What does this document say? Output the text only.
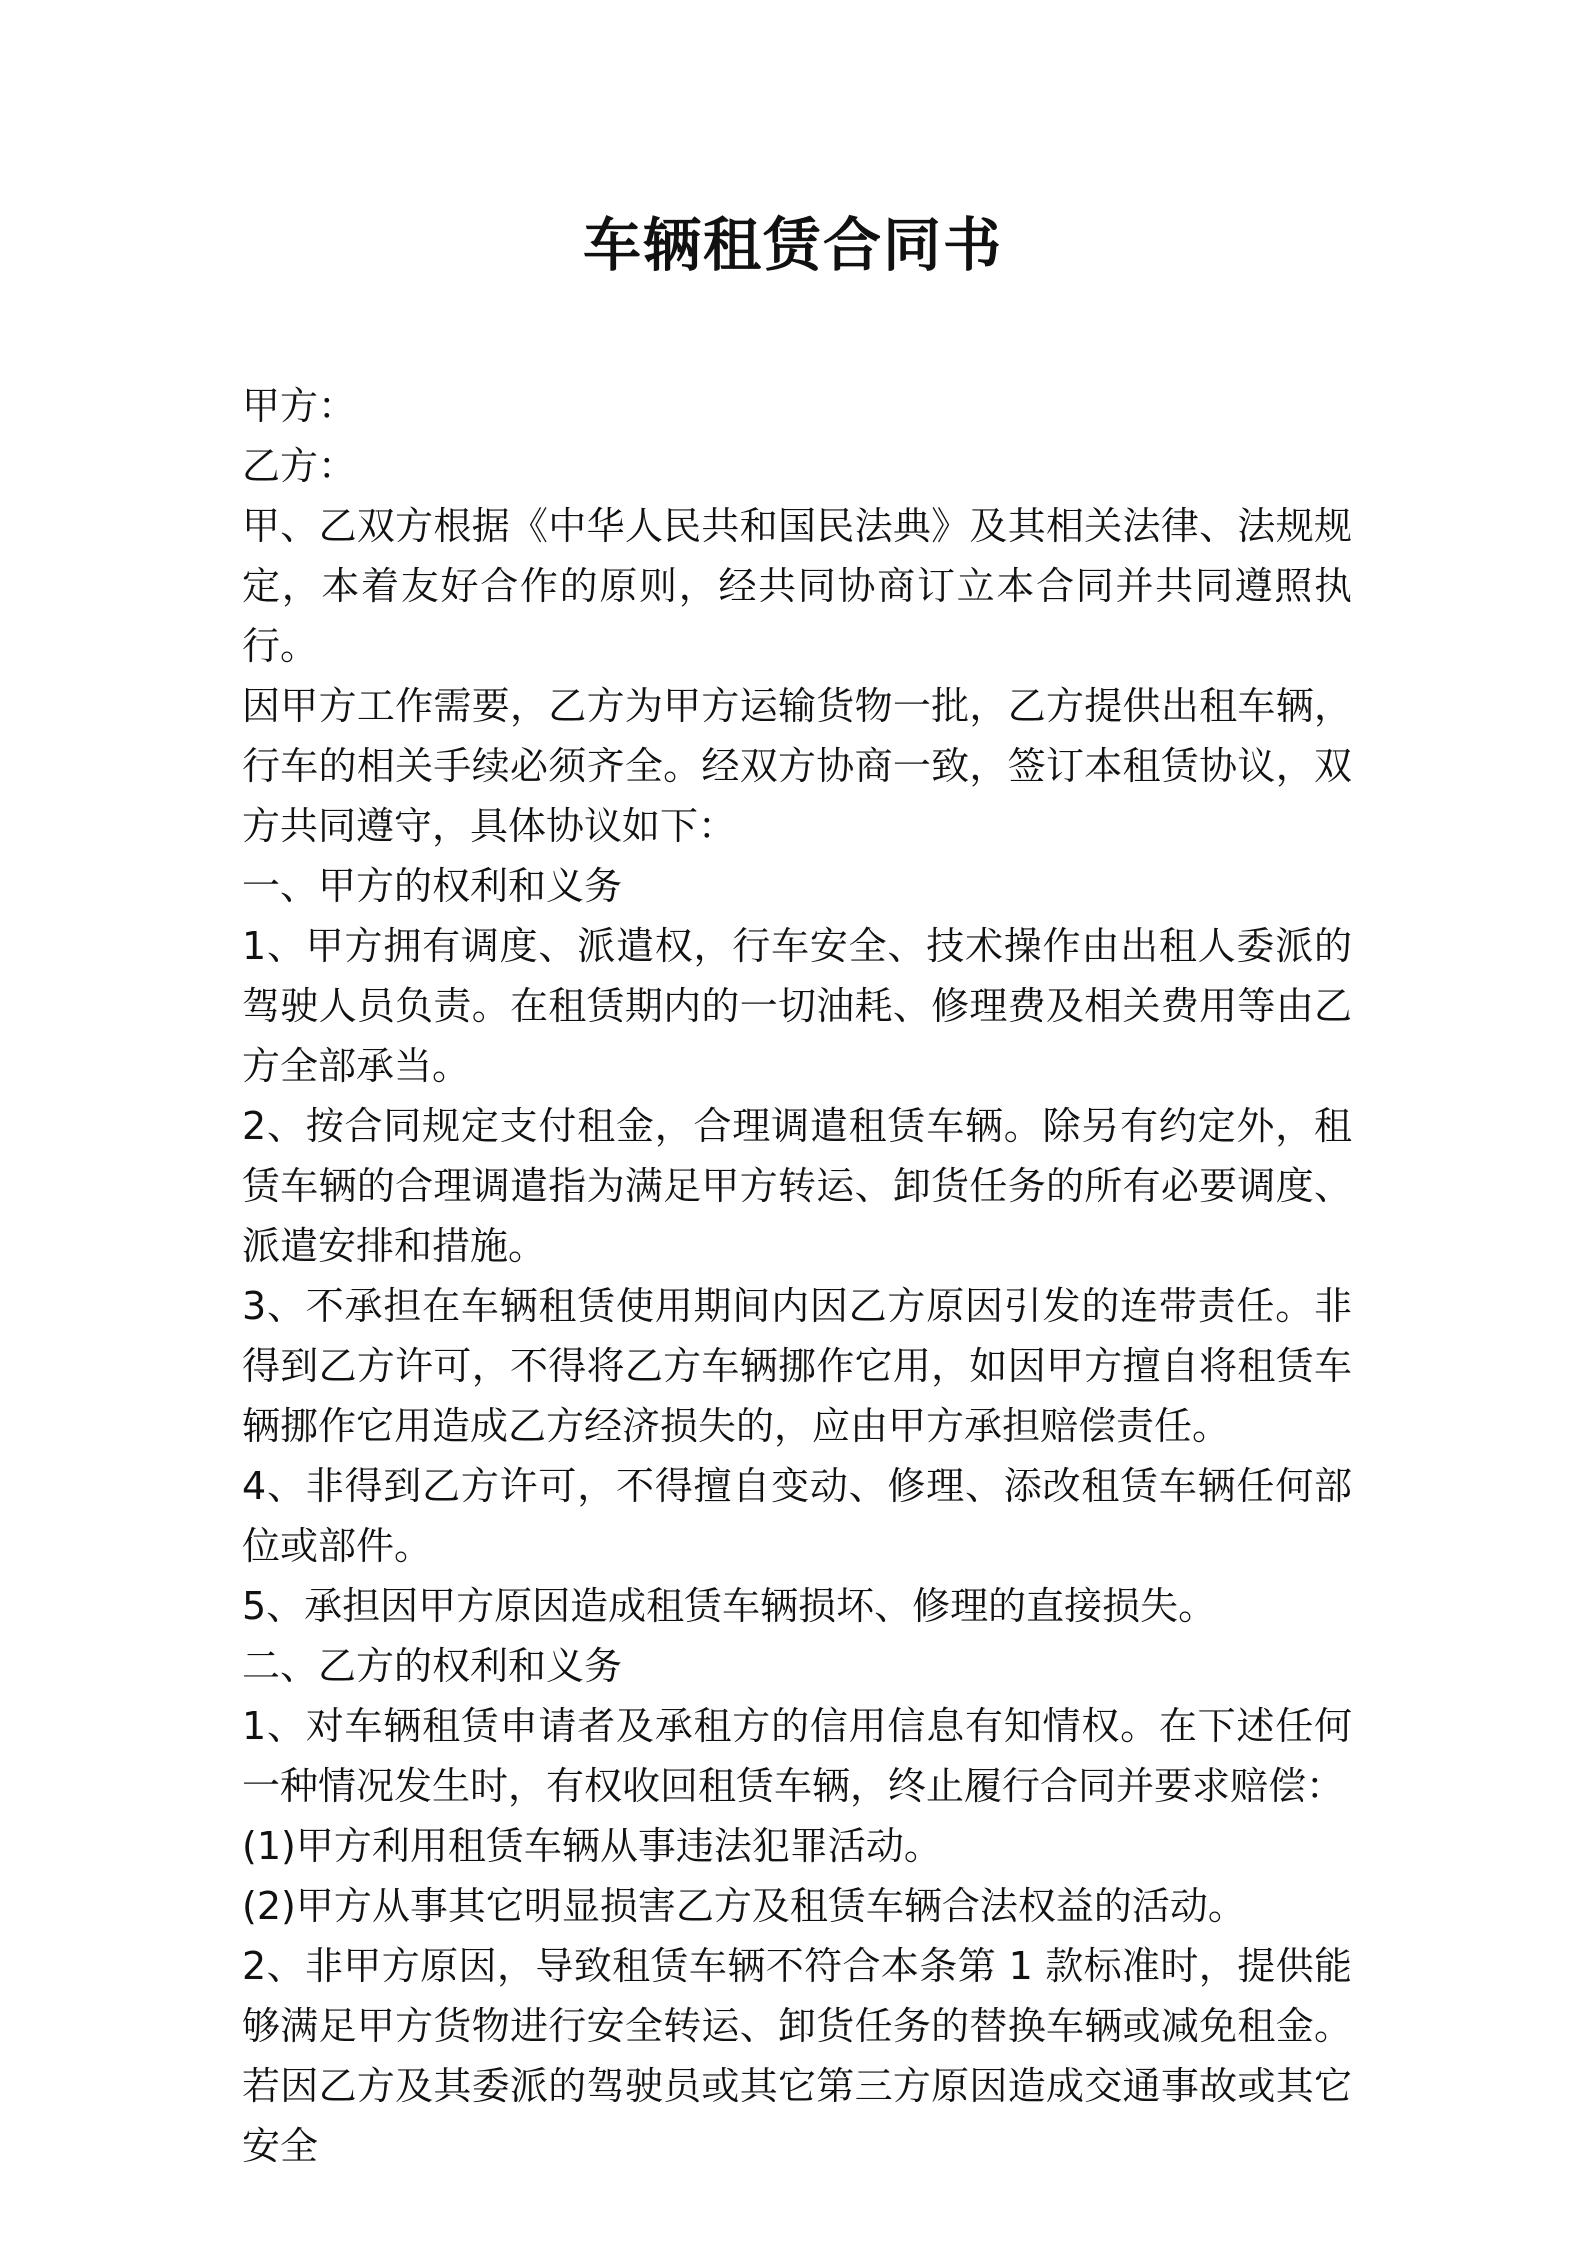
车辆租赁合同书

甲方：

乙方：

甲、乙双方根据《中华人民共和国民法典》及其相关法律、法规规定，本着友好合作的原则，经共同协商订立本合同并共同遵照执行。

因甲方工作需要，乙方为甲方运输货物一批，乙方提供出租车辆，行车的相关手续必须齐全。经双方协商一致，签订本租赁协议，双方共同遵守，具体协议如下：

一、甲方的权利和义务

1、甲方拥有调度、派遣权，行车安全、技术操作由出租人委派的驾驶人员负责。在租赁期内的一切油耗、修理费及相关费用等由乙方全部承当。

2、按合同规定支付租金，合理调遣租赁车辆。除另有约定外，租赁车辆的合理调遣指为满足甲方转运、卸货任务的所有必要调度、派遣安排和措施。

3、不承担在车辆租赁使用期间内因乙方原因引发的连带责任。非得到乙方许可，不得将乙方车辆挪作它用，如因甲方擅自将租赁车辆挪作它用造成乙方经济损失的，应由甲方承担赔偿责任。

4、非得到乙方许可，不得擅自变动、修理、添改租赁车辆任何部位或部件。

5、承担因甲方原因造成租赁车辆损坏、修理的直接损失。

二、乙方的权利和义务

1、对车辆租赁申请者及承租方的信用信息有知情权。在下述任何一种情况发生时，有权收回租赁车辆，终止履行合同并要求赔偿：

(1)甲方利用租赁车辆从事违法犯罪活动。

(2)甲方从事其它明显损害乙方及租赁车辆合法权益的活动。

2、非甲方原因，导致租赁车辆不符合本条第 1 款标准时，提供能够满足甲方货物进行安全转运、卸货任务的替换车辆或减免租金。若因乙方及其委派的驾驶员或其它第三方原因造成交通事故或其它安全
